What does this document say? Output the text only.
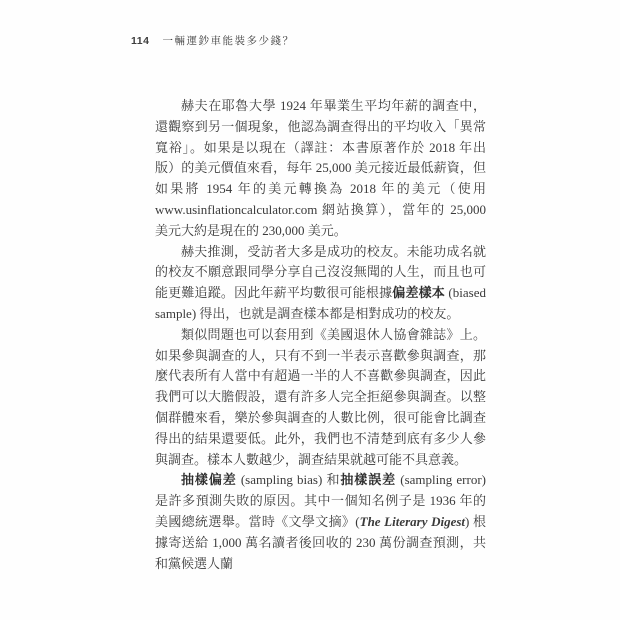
114 一輛運鈔車能裝多少錢？

赫夫在耶魯大學 1924 年畢業生平均年薪的調查中，還觀察到另一個現象，他認為調查得出的平均收入「異常寬裕」。如果是以現在（譯註：本書原著作於 2018 年出版）的美元價值來看，每年 25,000 美元接近最低薪資，但如果將 1954 年的美元轉換為 2018 年的美元（使用 www.usinflationcalculator.com 網站換算），當年的 25,000 美元大約是現在的 230,000 美元。

赫夫推測，受訪者大多是成功的校友。未能功成名就的校友不願意跟同學分享自己沒沒無聞的人生，而且也可能更難追蹤。因此年薪平均數很可能根據偏差樣本 (biased sample) 得出，也就是調查樣本都是相對成功的校友。

類似問題也可以套用到《美國退休人協會雜誌》上。如果參與調查的人，只有不到一半表示喜歡參與調查，那麼代表所有人當中有超過一半的人不喜歡參與調查，因此我們可以大膽假設，還有許多人完全拒絕參與調查。以整個群體來看，樂於參與調查的人數比例，很可能會比調查得出的結果還要低。此外，我們也不清楚到底有多少人參與調查。樣本人數越少，調查結果就越可能不具意義。

抽樣偏差 (sampling bias) 和抽樣誤差 (sampling error) 是許多預測失敗的原因。其中一個知名例子是 1936 年的美國總統選舉。當時《文學文摘》(The Literary Digest) 根據寄送給 1,000 萬名讀者後回收的 230 萬份調查預測，共和黨候選人蘭
